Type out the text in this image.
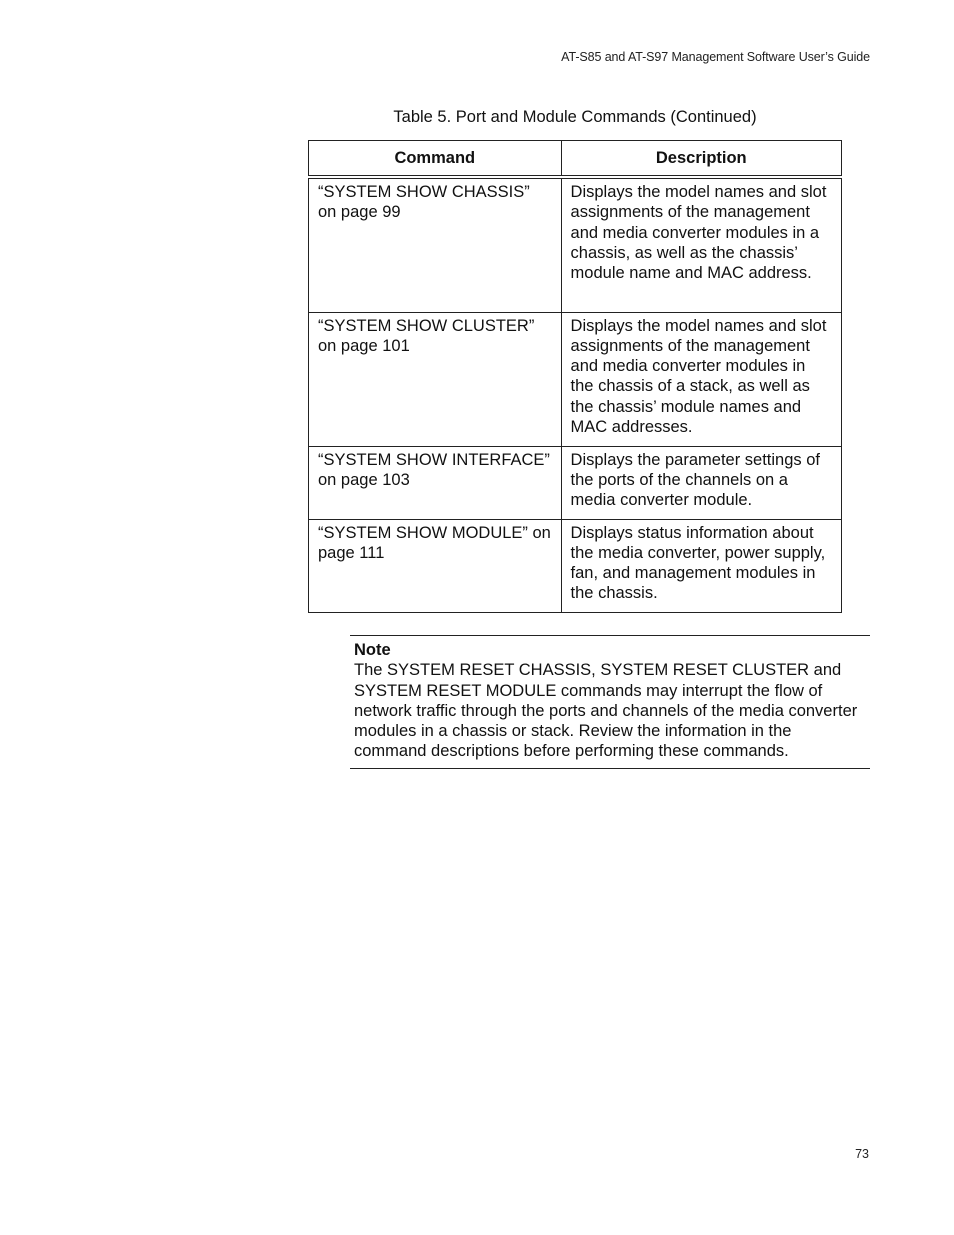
AT-S85 and AT-S97 Management Software User’s Guide
Table 5. Port and Module Commands (Continued)
Command	Description
“SYSTEM SHOW CHASSIS” on page 99	Displays the model names and slot assignments of the management and media converter modules in a chassis, as well as the chassis’ module name and MAC address.
“SYSTEM SHOW CLUSTER” on page 101	Displays the model names and slot assignments of the management and media converter modules in the chassis of a stack, as well as the chassis’ module names and MAC addresses.
“SYSTEM SHOW INTERFACE” on page 103	Displays the parameter settings of the ports of the channels on a media converter module.
“SYSTEM SHOW MODULE” on page 111	Displays status information about the media converter, power supply, fan, and management modules in the chassis.
Note
The SYSTEM RESET CHASSIS, SYSTEM RESET CLUSTER and SYSTEM RESET MODULE commands may interrupt the flow of network traffic through the ports and channels of the media converter modules in a chassis or stack. Review the information in the command descriptions before performing these commands.
73
